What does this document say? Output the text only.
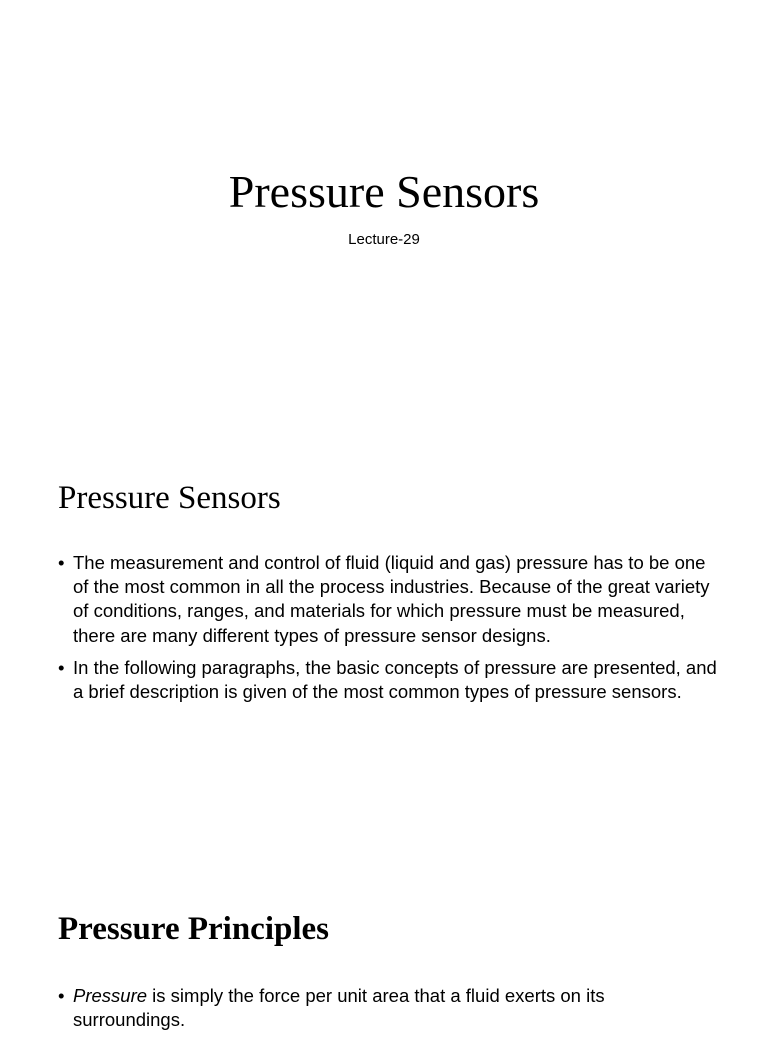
Pressure Sensors

Lecture-29

Pressure Sensors
• The measurement and control of fluid (liquid and gas) pressure has to be one of the most common in all the process industries. Because of the great variety of conditions, ranges, and materials for which pressure must be measured, there are many different types of pressure sensor designs.
• In the following paragraphs, the basic concepts of pressure are presented, and a brief description is given of the most common types of pressure sensors.
Pressure Principles
• Pressure is simply the force per unit area that a fluid exerts on its surroundings.
